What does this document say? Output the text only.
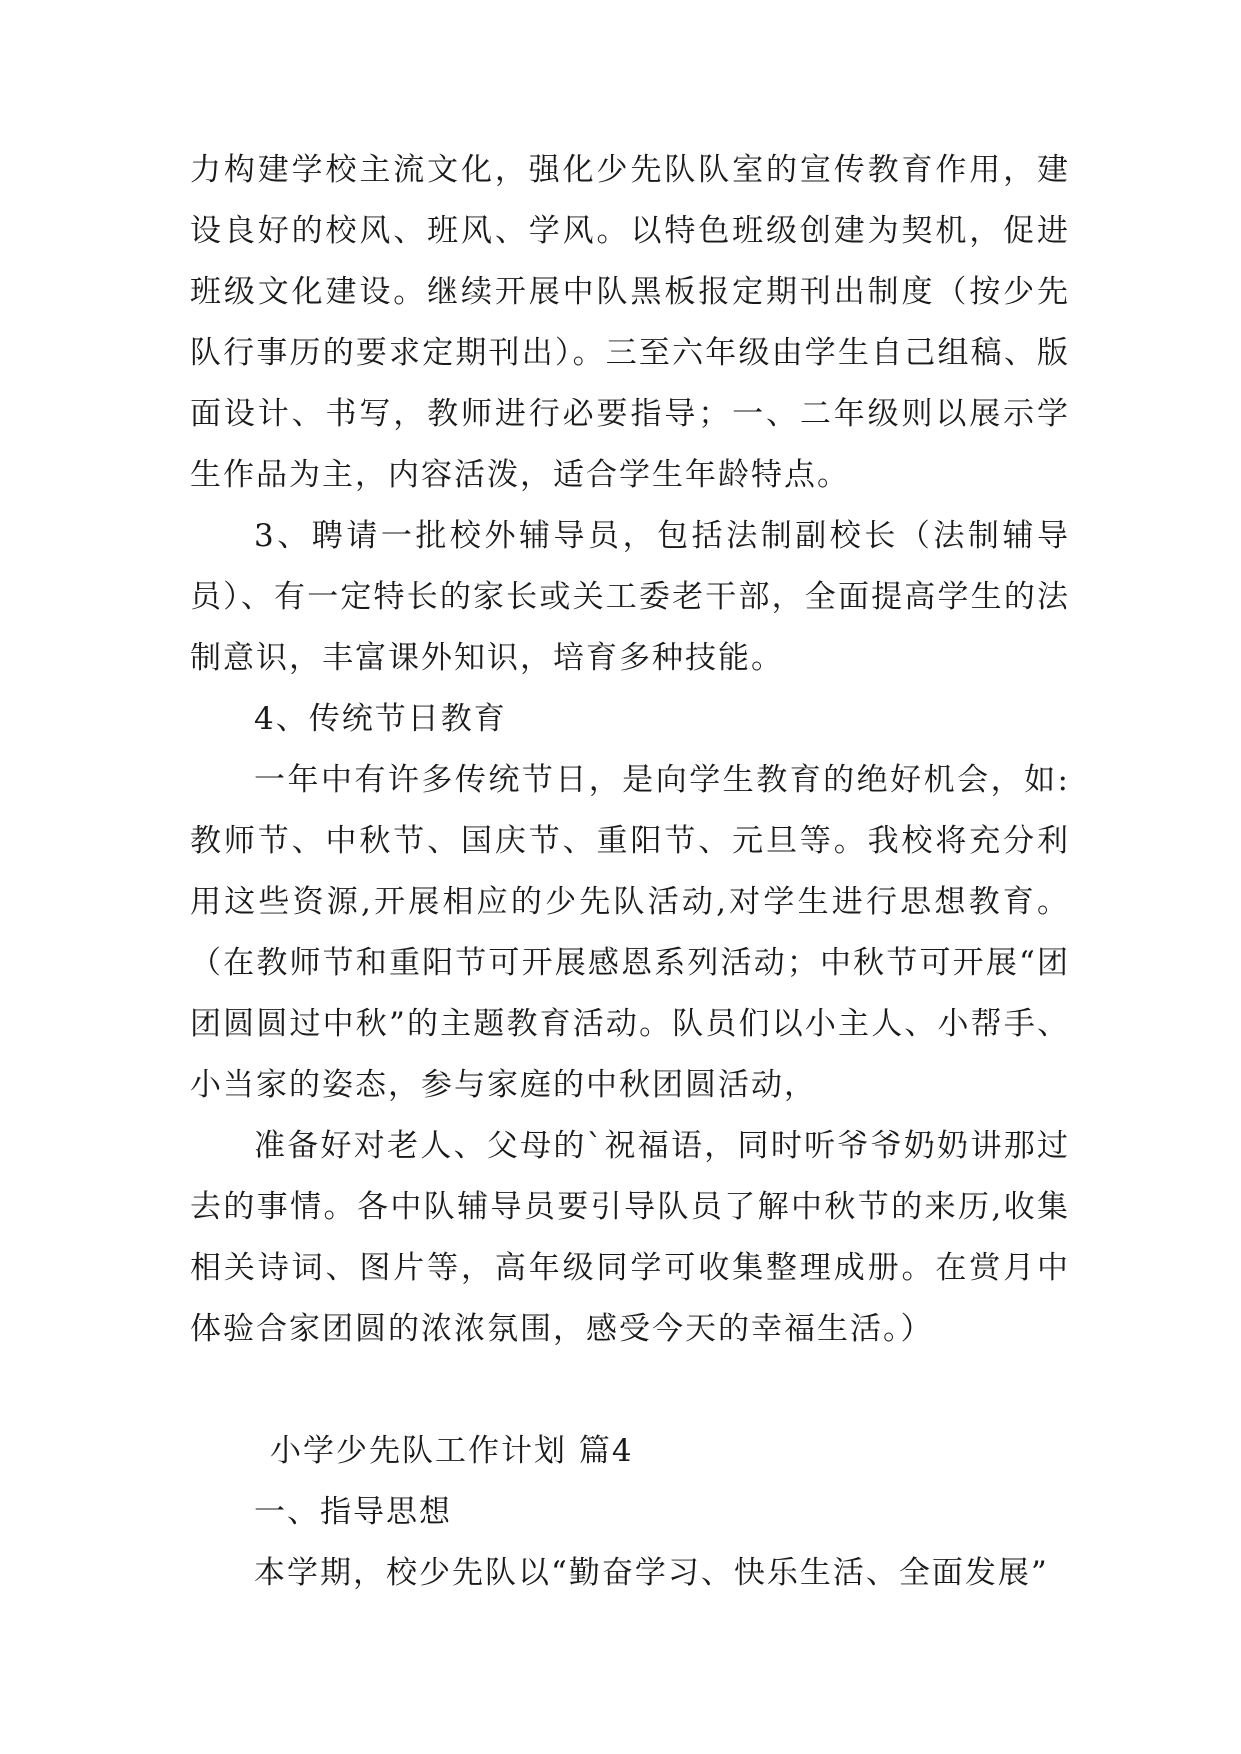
力构建学校主流文化，强化少先队队室的宣传教育作用，建设良好的校风、班风、学风。以特色班级创建为契机，促进班级文化建设。继续开展中队黑板报定期刊出制度（按少先队行事历的要求定期刊出）。三至六年级由学生自己组稿、版面设计、书写，教师进行必要指导；一、二年级则以展示学生作品为主，内容活泼，适合学生年龄特点。

3、聘请一批校外辅导员，包括法制副校长（法制辅导员）、有一定特长的家长或关工委老干部，全面提高学生的法制意识，丰富课外知识，培育多种技能。

4、传统节日教育

一年中有许多传统节日，是向学生教育的绝好机会，如:教师节、中秋节、国庆节、重阳节、元旦等。我校将充分利用这些资源,开展相应的少先队活动,对学生进行思想教育。（在教师节和重阳节可开展感恩系列活动；中秋节可开展“团团圆圆过中秋”的主题教育活动。队员们以小主人、小帮手、小当家的姿态，参与家庭的中秋团圆活动，

准备好对老人、父母的`祝福语，同时听爷爷奶奶讲那过去的事情。各中队辅导员要引导队员了解中秋节的来历,收集相关诗词、图片等，高年级同学可收集整理成册。在赏月中体验合家团圆的浓浓氛围，感受今天的幸福生活。）

小学少先队工作计划 篇4

一、指导思想

本学期，校少先队以“勤奋学习、快乐生活、全面发展”
